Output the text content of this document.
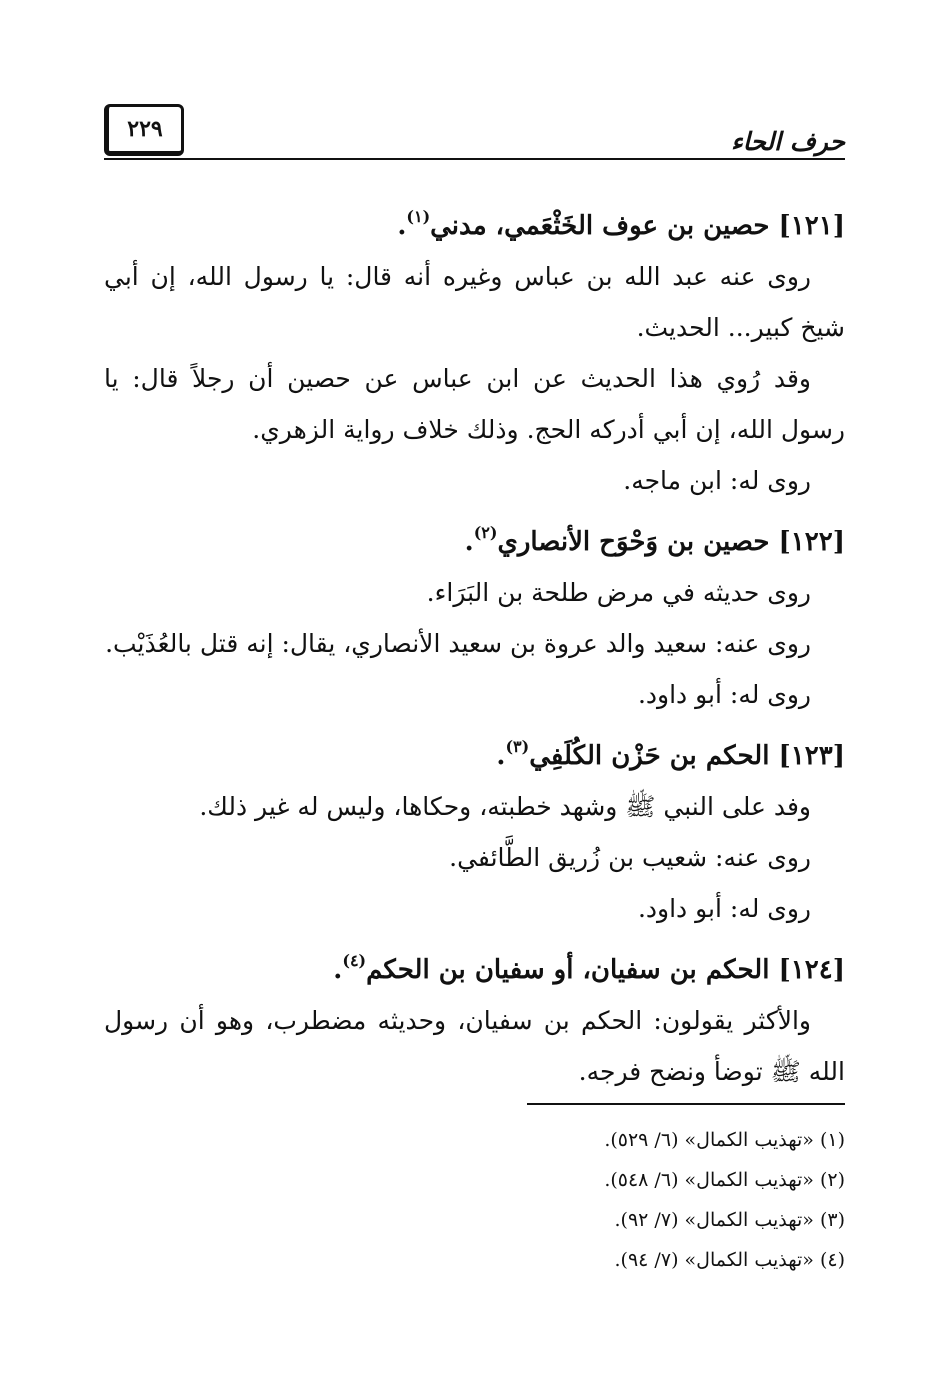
حرف الحاء
٢٢٩
[١٢١] حصين بن عوف الخَثْعَمي، مدني$^{(١)}$.
روى عنه عبد الله بن عباس وغيره أنه قال: يا رسول الله، إن أبي شيخ كبير... الحديث.
وقد رُوي هذا الحديث عن ابن عباس عن حصين أن رجلاً قال: يا رسول الله، إن أبي أدركه الحج. وذلك خلاف رواية الزهري.
روى له: ابن ماجه.
[١٢٢] حصين بن وَحْوَح الأنصاري$^{(٢)}$.
روى حديثه في مرض طلحة بن البَرَاء.
روى عنه: سعيد والد عروة بن سعيد الأنصاري، يقال: إنه قتل بالعُذَيْب.
روى له: أبو داود.
[١٢٣] الحكم بن حَزْن الكُلَفِي$^{(٣)}$.
وفد على النبي ﷺ وشهد خطبته، وحكاها، وليس له غير ذلك.
روى عنه: شعيب بن زُريق الطَّائفي.
روى له: أبو داود.
[١٢٤] الحكم بن سفيان، أو سفيان بن الحكم$^{(٤)}$.
والأكثر يقولون: الحكم بن سفيان، وحديثه مضطرب، وهو أن رسول الله ﷺ توضأ ونضح فرجه.
(١) «تهذيب الكمال» (٦/ ٥٢٩).
(٢) «تهذيب الكمال» (٦/ ٥٤٨).
(٣) «تهذيب الكمال» (٧/ ٩٢).
(٤) «تهذيب الكمال» (٧/ ٩٤).
